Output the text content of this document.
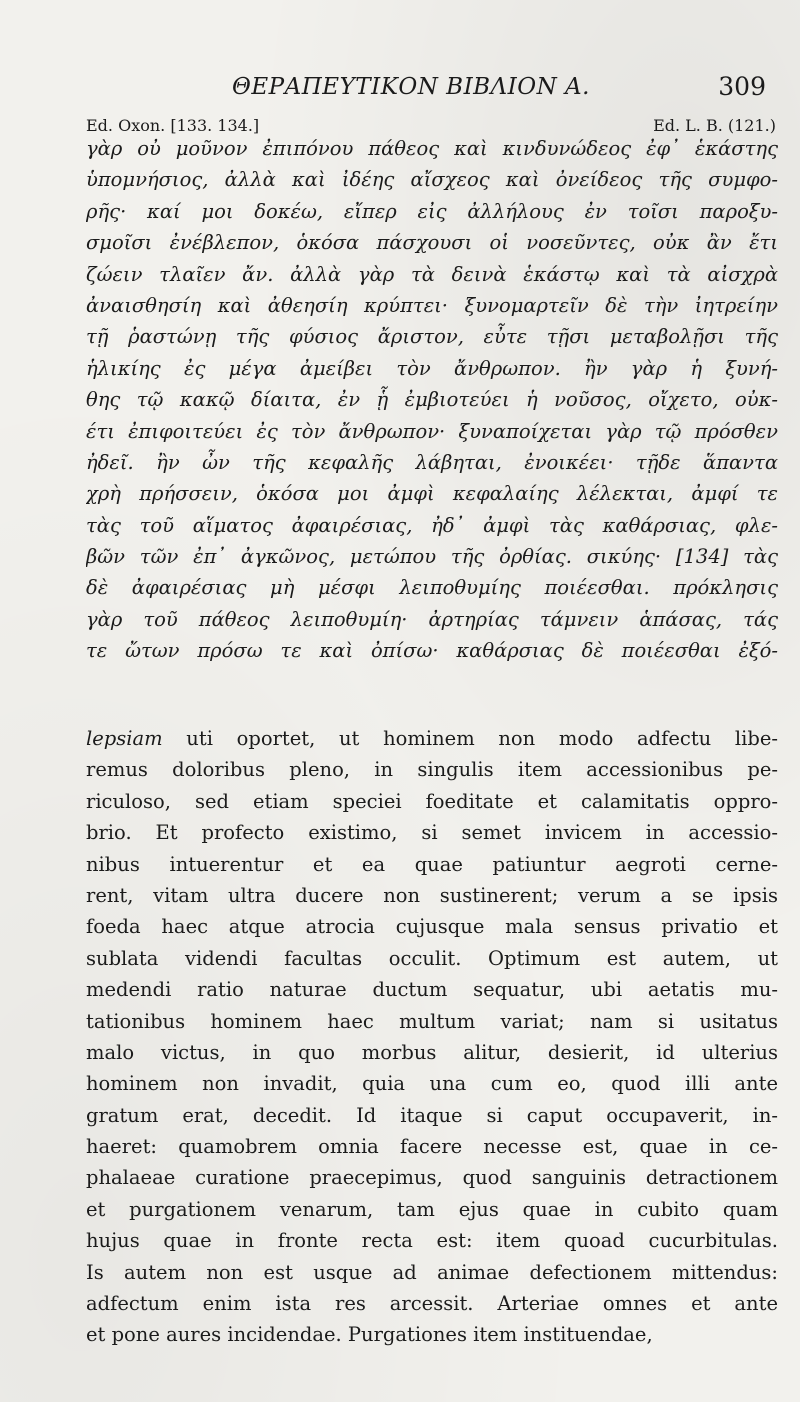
ΘΕΡΑΠΕΥΤΙΚΟΝ ΒΙΒΛΙΟΝ Α.	309
Ed. Oxon. [133. 134.]	Ed. L. B. (121.)
γὰρ οὐ μοῦνον ἐπιπόνου πάθεος καὶ κινδυνώδεος ἐφ᾽ ἑκάστης
ὑπομνήσιος, ἀλλὰ καὶ ἰδέης αἴσχεος καὶ ὀνείδεος τῆς συμφο-
ρῆς· καί μοι δοκέω, εἴπερ εἰς ἀλλήλους ἐν τοῖσι παροξυ-
σμοῖσι ἐνέβλεπον, ὁκόσα πάσχουσι οἱ νοσεῦντες, οὐκ ἂν ἔτι
ζώειν τλαῖεν ἄν. ἀλλὰ γὰρ τὰ δεινὰ ἑκάστῳ καὶ τὰ αἰσχρὰ
ἀναισθησίη καὶ ἀθεησίη κρύπτει· ξυνομαρτεῖν δὲ τὴν ἰητρείην
τῇ ῥαστώνῃ τῆς φύσιος ἄριστον, εὖτε τῇσι μεταβολῇσι τῆς
ἡλικίης ἐς μέγα ἀμείβει τὸν ἄνθρωπον. ἢν γὰρ ἡ ξυνή-
θης τῷ κακῷ δίαιτα, ἐν ᾗ ἐμβιοτεύει ἡ νοῦσος, οἴχετο, οὐκ-
έτι ἐπιφοιτεύει ἐς τὸν ἄνθρωπον· ξυναποίχεται γὰρ τῷ πρόσθεν
ἠδεῖ. ἢν ὦν τῆς κεφαλῆς λάβηται, ἐνοικέει· τῇδε ἅπαντα
χρὴ πρήσσειν, ὁκόσα μοι ἀμφὶ κεφαλαίης λέλεκται, ἀμφί τε
τὰς τοῦ αἵματος ἀφαιρέσιας, ἠδ᾽ ἀμφὶ τὰς καθάρσιας, φλε-
βῶν τῶν ἐπ᾽ ἀγκῶνος, μετώπου τῆς ὀρθίας. σικύης· [134] τὰς
δὲ ἀφαιρέσιας μὴ μέσφι λειποθυμίης ποιέεσθαι. πρόκλησις
γὰρ τοῦ πάθεος λειποθυμίη· ἀρτηρίας τάμνειν ἁπάσας, τάς
τε ὤτων πρόσω τε καὶ ὀπίσω· καθάρσιας δὲ ποιέεσθαι ἐξό-
lepsiam uti oportet, ut hominem non modo adfectu libe-
remus doloribus pleno, in singulis item accessionibus pe-
riculoso, sed etiam speciei foeditate et calamitatis oppro-
brio. Et profecto existimo, si semet invicem in accessio-
nibus intuerentur et ea quae patiuntur aegroti cerne-
rent, vitam ultra ducere non sustinerent; verum a se ipsis
foeda haec atque atrocia cujusque mala sensus privatio et
sublata videndi facultas occulit. Optimum est autem, ut
medendi ratio naturae ductum sequatur, ubi aetatis mu-
tationibus hominem haec multum variat; nam si usitatus
malo victus, in quo morbus alitur, desierit, id ulterius
hominem non invadit, quia una cum eo, quod illi ante
gratum erat, decedit. Id itaque si caput occupaverit, in-
haeret: quamobrem omnia facere necesse est, quae in ce-
phalaeae curatione praecepimus, quod sanguinis detractionem
et purgationem venarum, tam ejus quae in cubito quam
hujus quae in fronte recta est: item quoad cucurbitulas.
Is autem non est usque ad animae defectionem mittendus:
adfectum enim ista res arcessit. Arteriae omnes et ante
et pone aures incidendae. Purgationes item instituendae,
